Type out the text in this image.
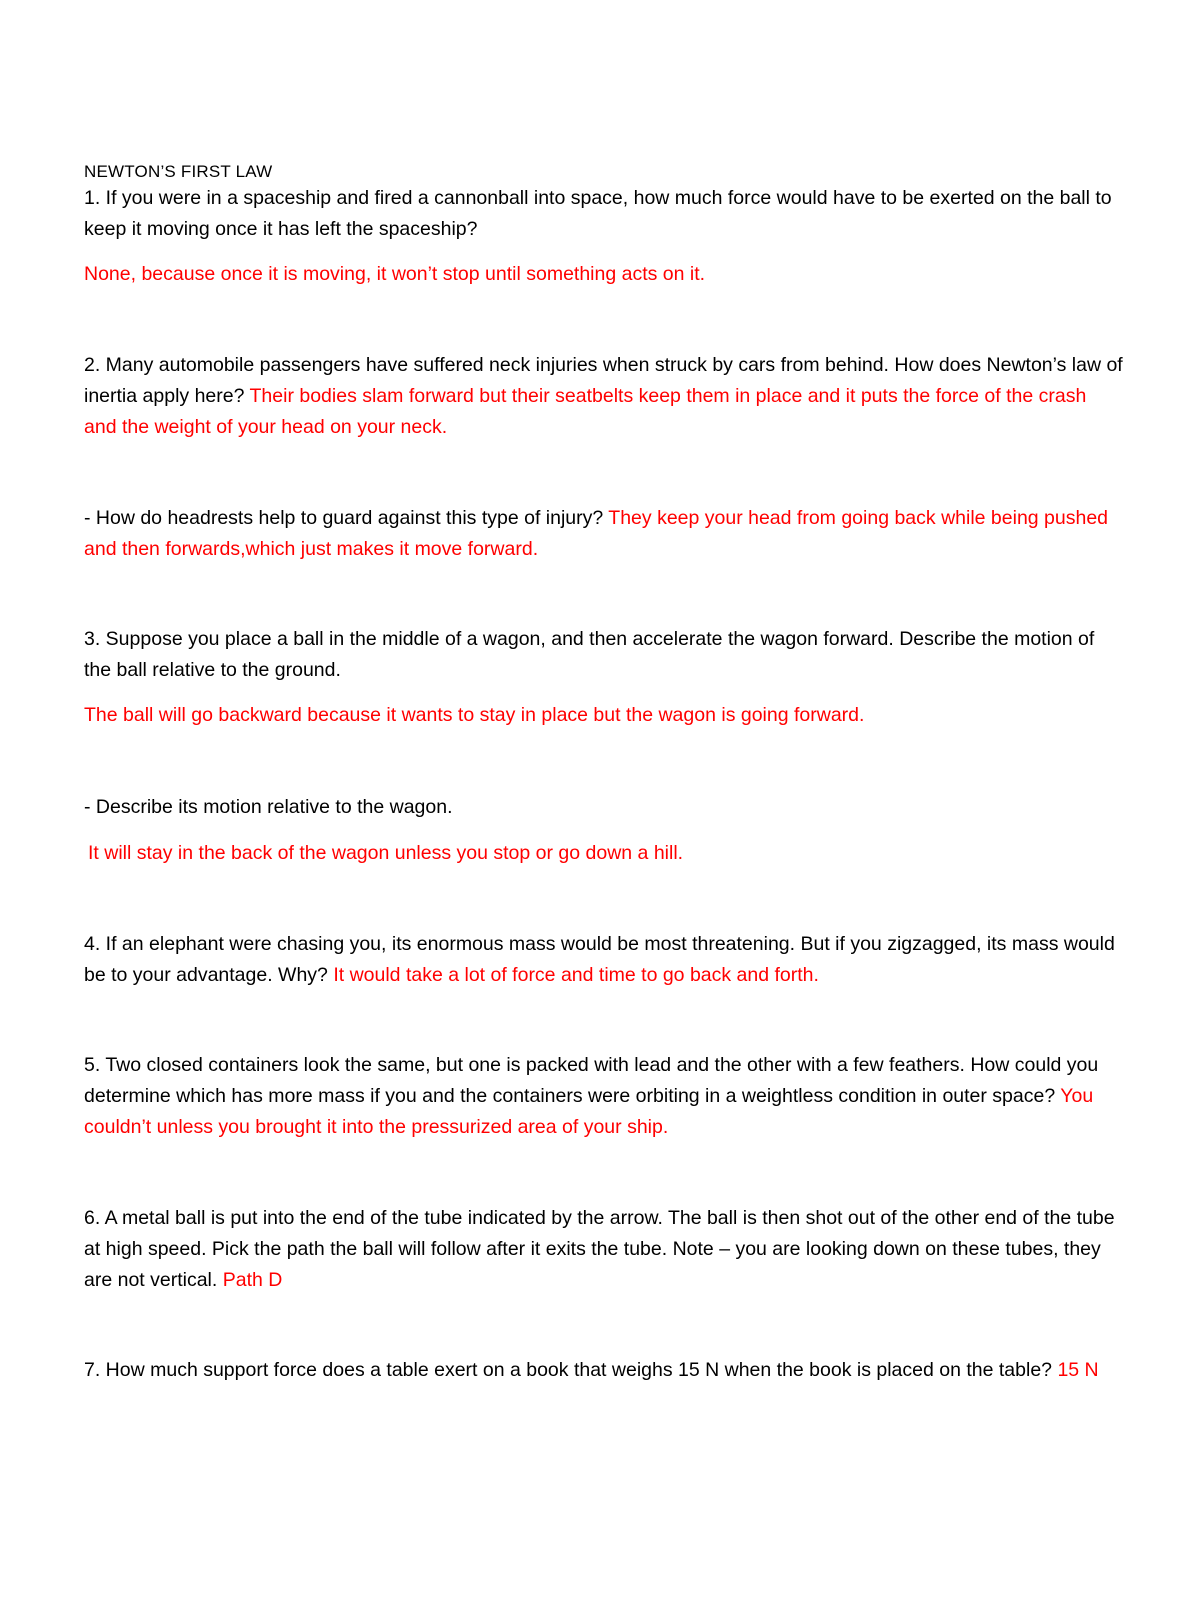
NEWTON’S FIRST LAW

1. If you were in a spaceship and fired a cannonball into space, how much force would have to be exerted on the ball to keep it moving once it has left the spaceship?

None, because once it is moving, it won’t stop until something acts on it.

2. Many automobile passengers have suffered neck injuries when struck by cars from behind. How does Newton’s law of inertia apply here? Their bodies slam forward but their seatbelts keep them in place and it puts the force of the crash and the weight of your head on your neck.

- How do headrests help to guard against this type of injury? They keep your head from going back while being pushed and then forwards,which just makes it move forward.

3. Suppose you place a ball in the middle of a wagon, and then accelerate the wagon forward. Describe the motion of the ball relative to the ground.

The ball will go backward because it wants to stay in place but the wagon is going forward.

- Describe its motion relative to the wagon.

It will stay in the back of the wagon unless you stop or go down a hill.

4. If an elephant were chasing you, its enormous mass would be most threatening. But if you zigzagged, its mass would be to your advantage. Why? It would take a lot of force and time to go back and forth.

5. Two closed containers look the same, but one is packed with lead and the other with a few feathers. How could you determine which has more mass if you and the containers were orbiting in a weightless condition in outer space? You couldn’t unless you brought it into the pressurized area of your ship.

6. A metal ball is put into the end of the tube indicated by the arrow. The ball is then shot out of the other end of the tube at high speed. Pick the path the ball will follow after it exits the tube. Note – you are looking down on these tubes, they are not vertical. Path D

7. How much support force does a table exert on a book that weighs 15 N when the book is placed on the table? 15 N
